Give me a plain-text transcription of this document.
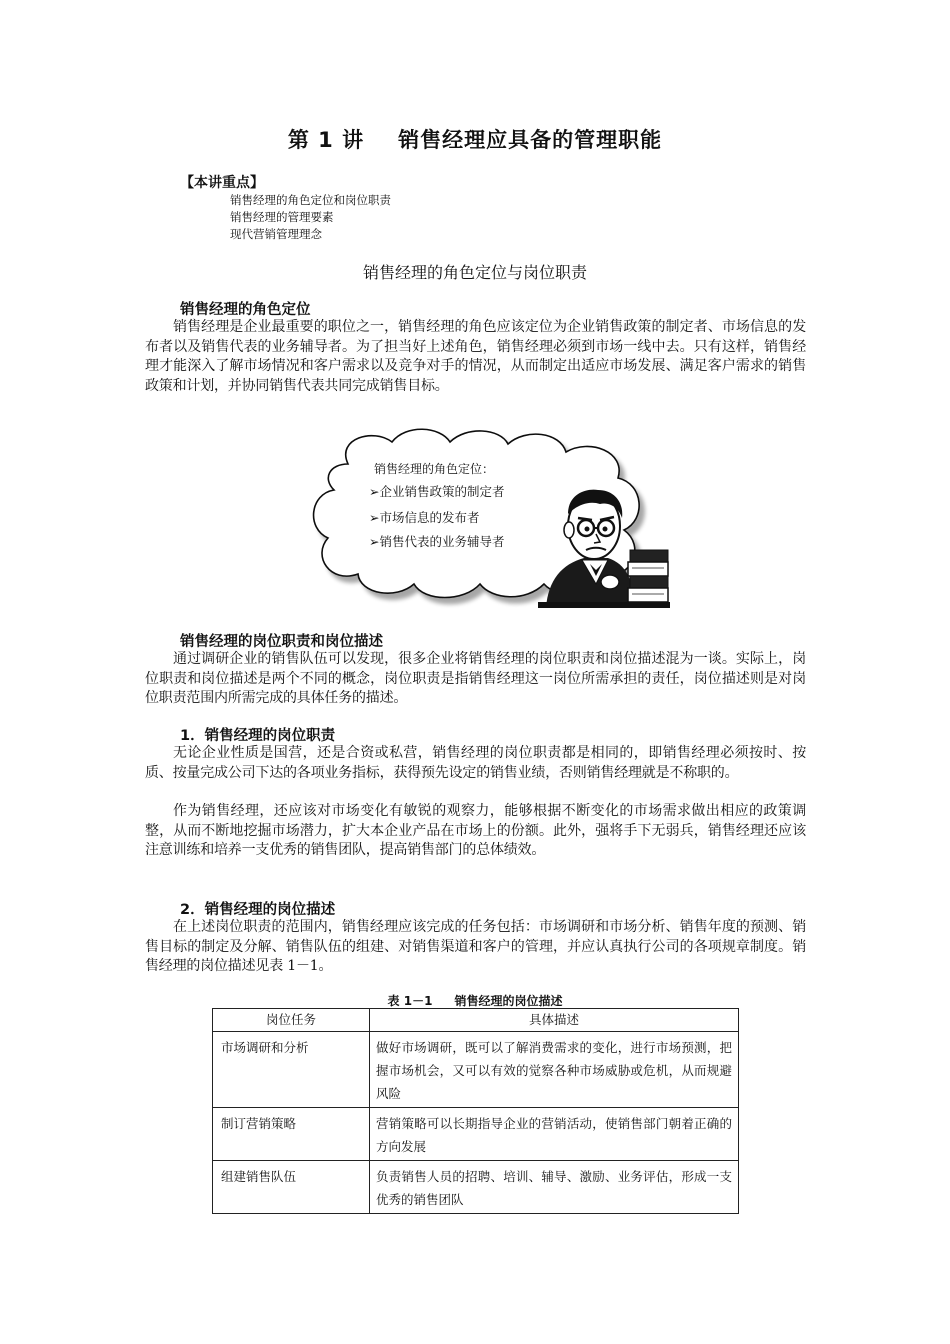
第 1 讲 销售经理应具备的管理职能
【本讲重点】
销售经理的角色定位和岗位职责
销售经理的管理要素
现代营销管理理念
销售经理的角色定位与岗位职责
销售经理的角色定位
销售经理是企业最重要的职位之一，销售经理的角色应该定位为企业销售政策的制定者、市场信息的发布者以及销售代表的业务辅导者。为了担当好上述角色，销售经理必须到市场一线中去。只有这样，销售经理才能深入了解市场情况和客户需求以及竞争对手的情况，从而制定出适应市场发展、满足客户需求的销售政策和计划，并协同销售代表共同完成销售目标。
销售经理的角色定位：
➢企业销售政策的制定者
➢市场信息的发布者
➢销售代表的业务辅导者
销售经理的岗位职责和岗位描述
通过调研企业的销售队伍可以发现，很多企业将销售经理的岗位职责和岗位描述混为一谈。实际上，岗位职责和岗位描述是两个不同的概念，岗位职责是指销售经理这一岗位所需承担的责任，岗位描述则是对岗位职责范围内所需完成的具体任务的描述。
1．销售经理的岗位职责
无论企业性质是国营，还是合资或私营，销售经理的岗位职责都是相同的，即销售经理必须按时、按质、按量完成公司下达的各项业务指标，获得预先设定的销售业绩，否则销售经理就是不称职的。
作为销售经理，还应该对市场变化有敏锐的观察力，能够根据不断变化的市场需求做出相应的政策调整，从而不断地挖掘市场潜力，扩大本企业产品在市场上的份额。此外，强将手下无弱兵，销售经理还应该注意训练和培养一支优秀的销售团队，提高销售部门的总体绩效。
2．销售经理的岗位描述
在上述岗位职责的范围内，销售经理应该完成的任务包括：市场调研和市场分析、销售年度的预测、销售目标的制定及分解、销售队伍的组建、对销售渠道和客户的管理，并应认真执行公司的各项规章制度。销售经理的岗位描述见表 1－1。
表 1－1 销售经理的岗位描述
岗位任务	具体描述
市场调研和分析	做好市场调研，既可以了解消费需求的变化，进行市场预测，把握市场机会，又可以有效的觉察各种市场威胁或危机，从而规避风险
制订营销策略	营销策略可以长期指导企业的营销活动，使销售部门朝着正确的方向发展
组建销售队伍	负责销售人员的招聘、培训、辅导、激励、业务评估，形成一支优秀的销售团队
